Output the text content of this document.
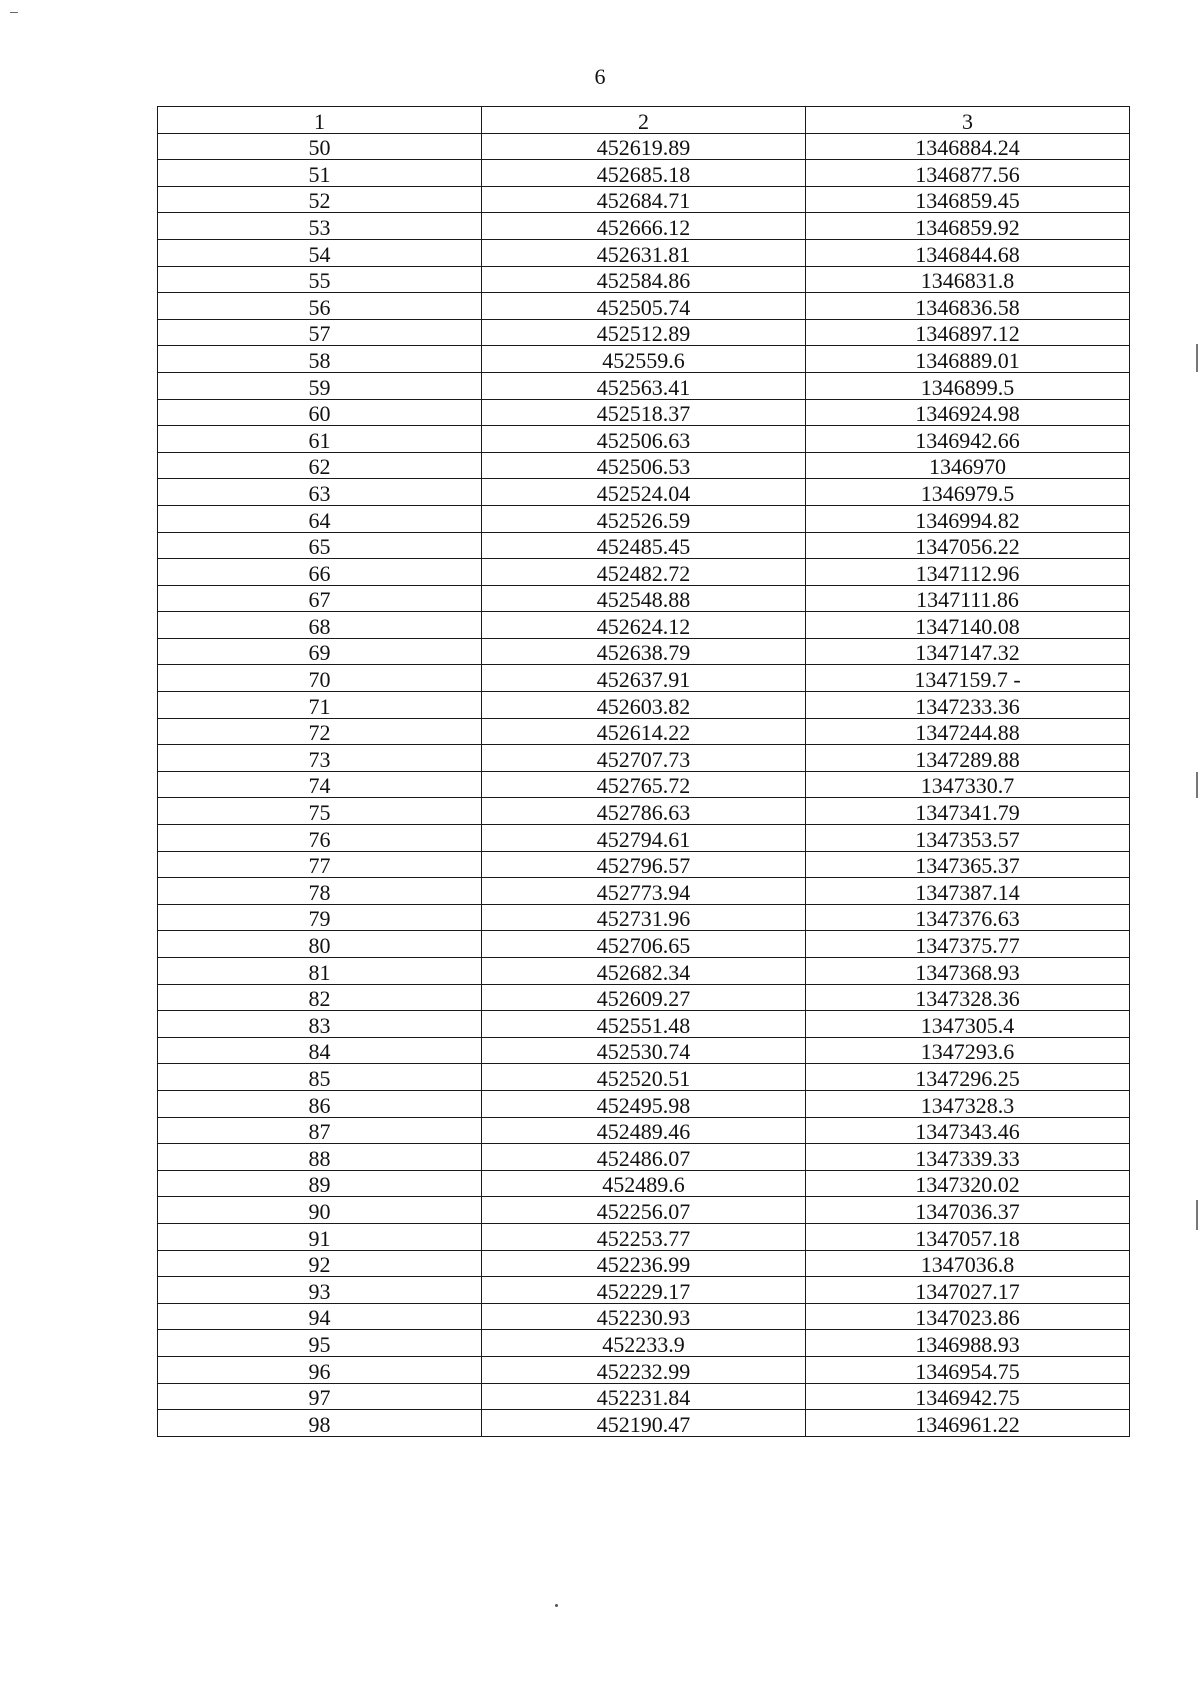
6
1	2	3
50	452619.89	1346884.24
51	452685.18	1346877.56
52	452684.71	1346859.45
53	452666.12	1346859.92
54	452631.81	1346844.68
55	452584.86	1346831.8
56	452505.74	1346836.58
57	452512.89	1346897.12
58	452559.6	1346889.01
59	452563.41	1346899.5
60	452518.37	1346924.98
61	452506.63	1346942.66
62	452506.53	1346970
63	452524.04	1346979.5
64	452526.59	1346994.82
65	452485.45	1347056.22
66	452482.72	1347112.96
67	452548.88	1347111.86
68	452624.12	1347140.08
69	452638.79	1347147.32
70	452637.91	1347159.7 -
71	452603.82	1347233.36
72	452614.22	1347244.88
73	452707.73	1347289.88
74	452765.72	1347330.7
75	452786.63	1347341.79
76	452794.61	1347353.57
77	452796.57	1347365.37
78	452773.94	1347387.14
79	452731.96	1347376.63
80	452706.65	1347375.77
81	452682.34	1347368.93
82	452609.27	1347328.36
83	452551.48	1347305.4
84	452530.74	1347293.6
85	452520.51	1347296.25
86	452495.98	1347328.3
87	452489.46	1347343.46
88	452486.07	1347339.33
89	452489.6	1347320.02
90	452256.07	1347036.37
91	452253.77	1347057.18
92	452236.99	1347036.8
93	452229.17	1347027.17
94	452230.93	1347023.86
95	452233.9	1346988.93
96	452232.99	1346954.75
97	452231.84	1346942.75
98	452190.47	1346961.22
